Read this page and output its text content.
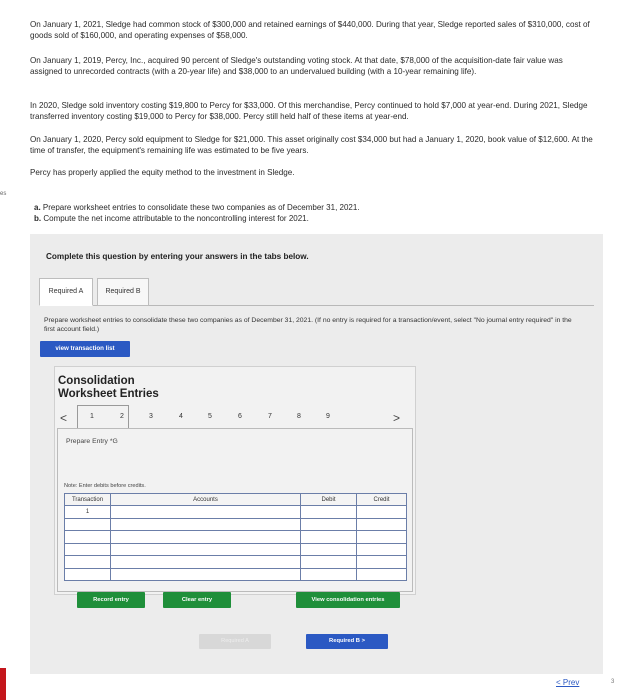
On January 1, 2021, Sledge had common stock of $300,000 and retained earnings of $440,000. During that year, Sledge reported sales of $310,000, cost of goods sold of $160,000, and operating expenses of $58,000.

On January 1, 2019, Percy, Inc., acquired 90 percent of Sledge's outstanding voting stock. At that date, $78,000 of the acquisition-date fair value was assigned to unrecorded contracts (with a 20-year life) and $38,000 to an undervalued building (with a 10-year remaining life).

In 2020, Sledge sold inventory costing $19,800 to Percy for $33,000. Of this merchandise, Percy continued to hold $7,000 at year-end. During 2021, Sledge transferred inventory costing $19,000 to Percy for $38,000. Percy still held half of these items at year-end.

On January 1, 2020, Percy sold equipment to Sledge for $21,000. This asset originally cost $34,000 but had a January 1, 2020, book value of $12,600. At the time of transfer, the equipment's remaining life was estimated to be five years.

Percy has properly applied the equity method to the investment in Sledge.

es
a. Prepare worksheet entries to consolidate these two companies as of December 31, 2021.
b. Compute the net income attributable to the noncontrolling interest for 2021.
Complete this question by entering your answers in the tabs below.
Required A	Required B
Prepare worksheet entries to consolidate these two companies as of December 31, 2021. (If no entry is required for a transaction/event, select "No journal entry required" in the first account field.)
view transaction list
Consolidation
Worksheet Entries
<	1	2	3	4	5	6	7	8	9	>
Prepare Entry *G
Note: Enter debits before credits.
Transaction	Accounts	Debit	Credit
1			

Record entry	Clear entry	View consolidation entries
Required A	Required B >
< Prev	3
